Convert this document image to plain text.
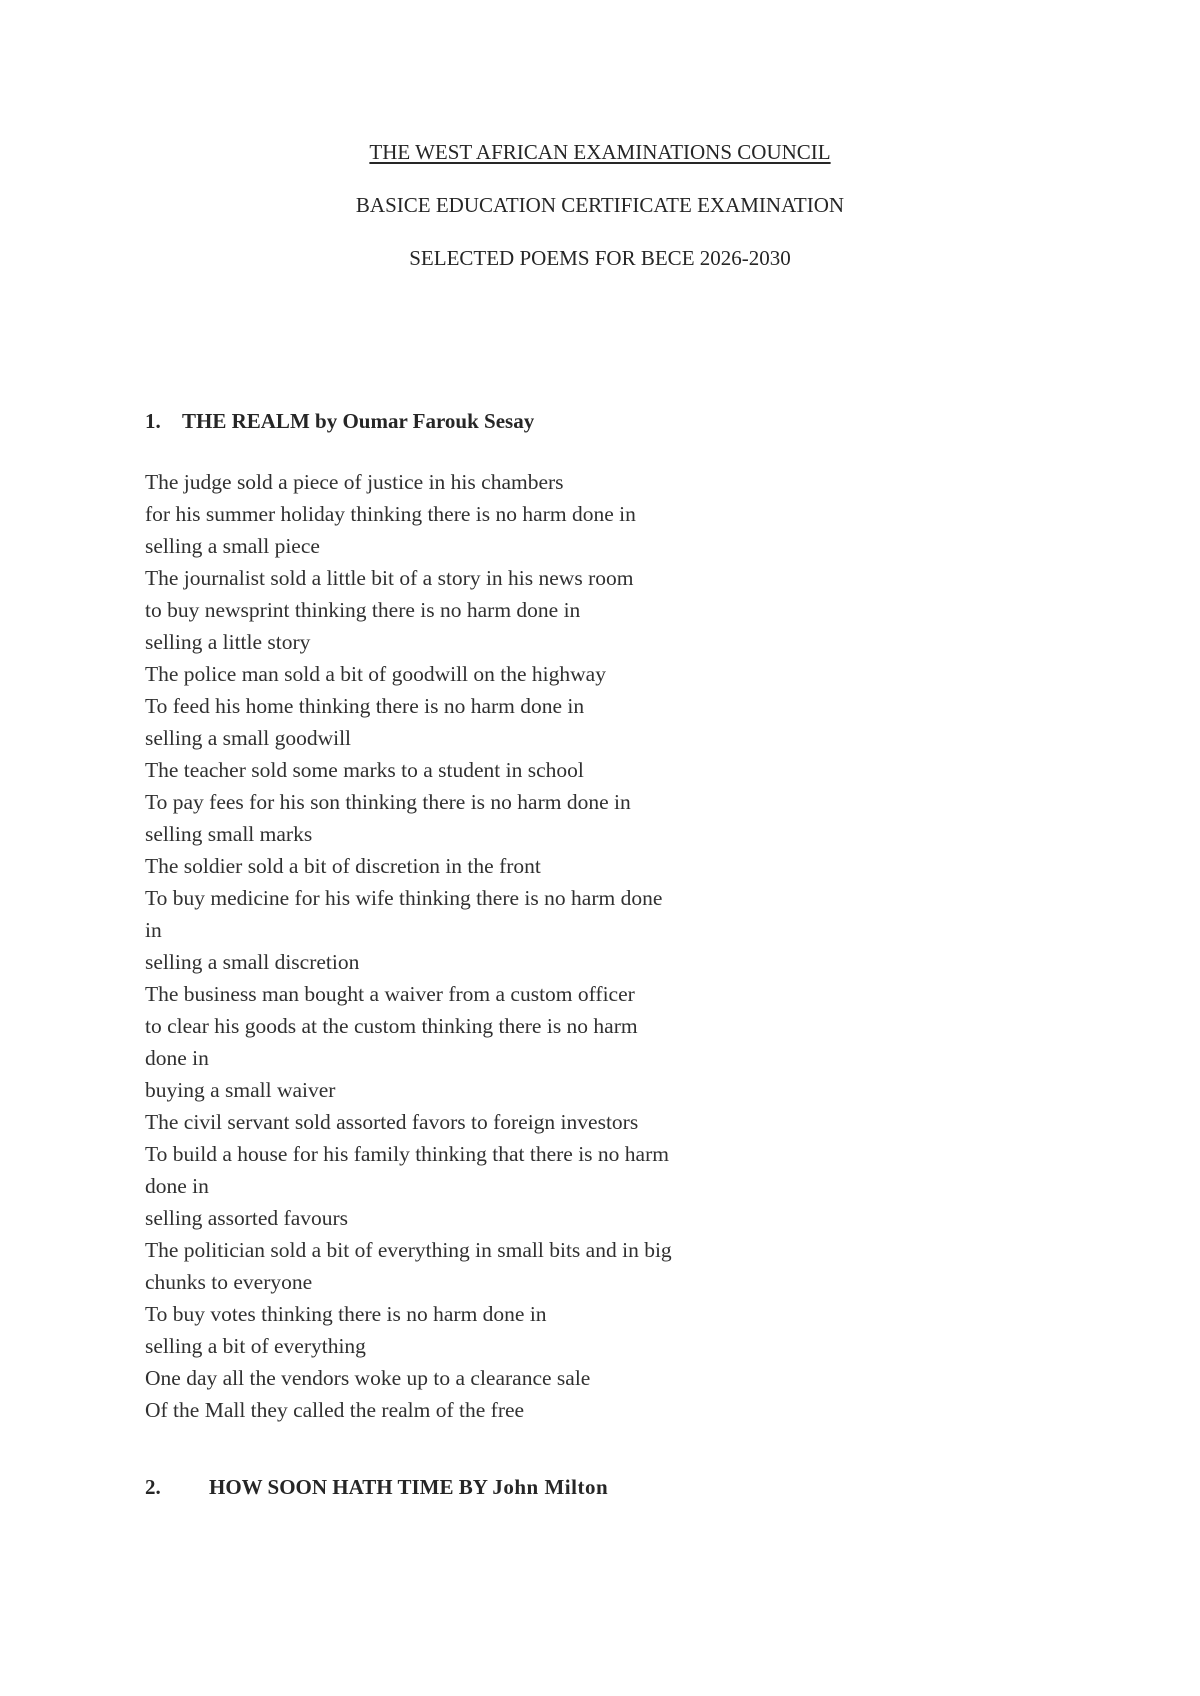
THE WEST AFRICAN EXAMINATIONS COUNCIL
BASICE EDUCATION CERTIFICATE EXAMINATION
SELECTED POEMS FOR BECE 2026-2030
1. THE REALM by Oumar Farouk Sesay
The judge sold a piece of justice in his chambers
for his summer holiday thinking there is no harm done in
selling a small piece
The journalist sold a little bit of a story in his news room
to buy newsprint thinking there is no harm done in
selling a little story
The police man sold a bit of goodwill on the highway
To feed his home thinking there is no harm done in
selling a small goodwill
The teacher sold some marks to a student in school
To pay fees for his son thinking there is no harm done in
selling small marks
The soldier sold a bit of discretion in the front
To buy medicine for his wife thinking there is no harm done
in
selling a small discretion
The business man bought a waiver from a custom officer
to clear his goods at the custom thinking there is no harm
done in
buying a small waiver
The civil servant sold assorted favors to foreign investors
To build a house for his family thinking that there is no harm
done in
selling assorted favours
The politician sold a bit of everything in small bits and in big
chunks to everyone
To buy votes thinking there is no harm done in
selling a bit of everything
One day all the vendors woke up to a clearance sale
Of the Mall they called the realm of the free
2. HOW SOON HATH TIME BY John Milton
